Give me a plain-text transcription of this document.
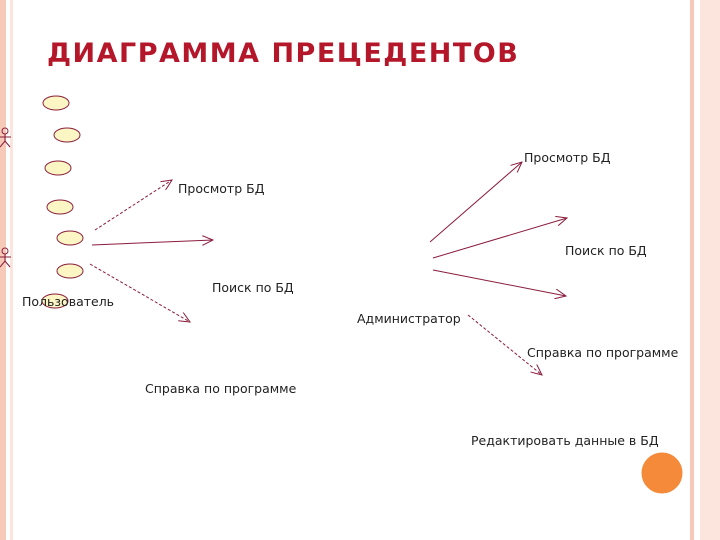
ДИАГРАММА ПРЕЦЕДЕНТОВ
Пользователь
Просмотр БД
Поиск по БД
Справка по программе
Администратор
Просмотр БД
Поиск по БД
Справка по программе
Редактировать данные в БД
